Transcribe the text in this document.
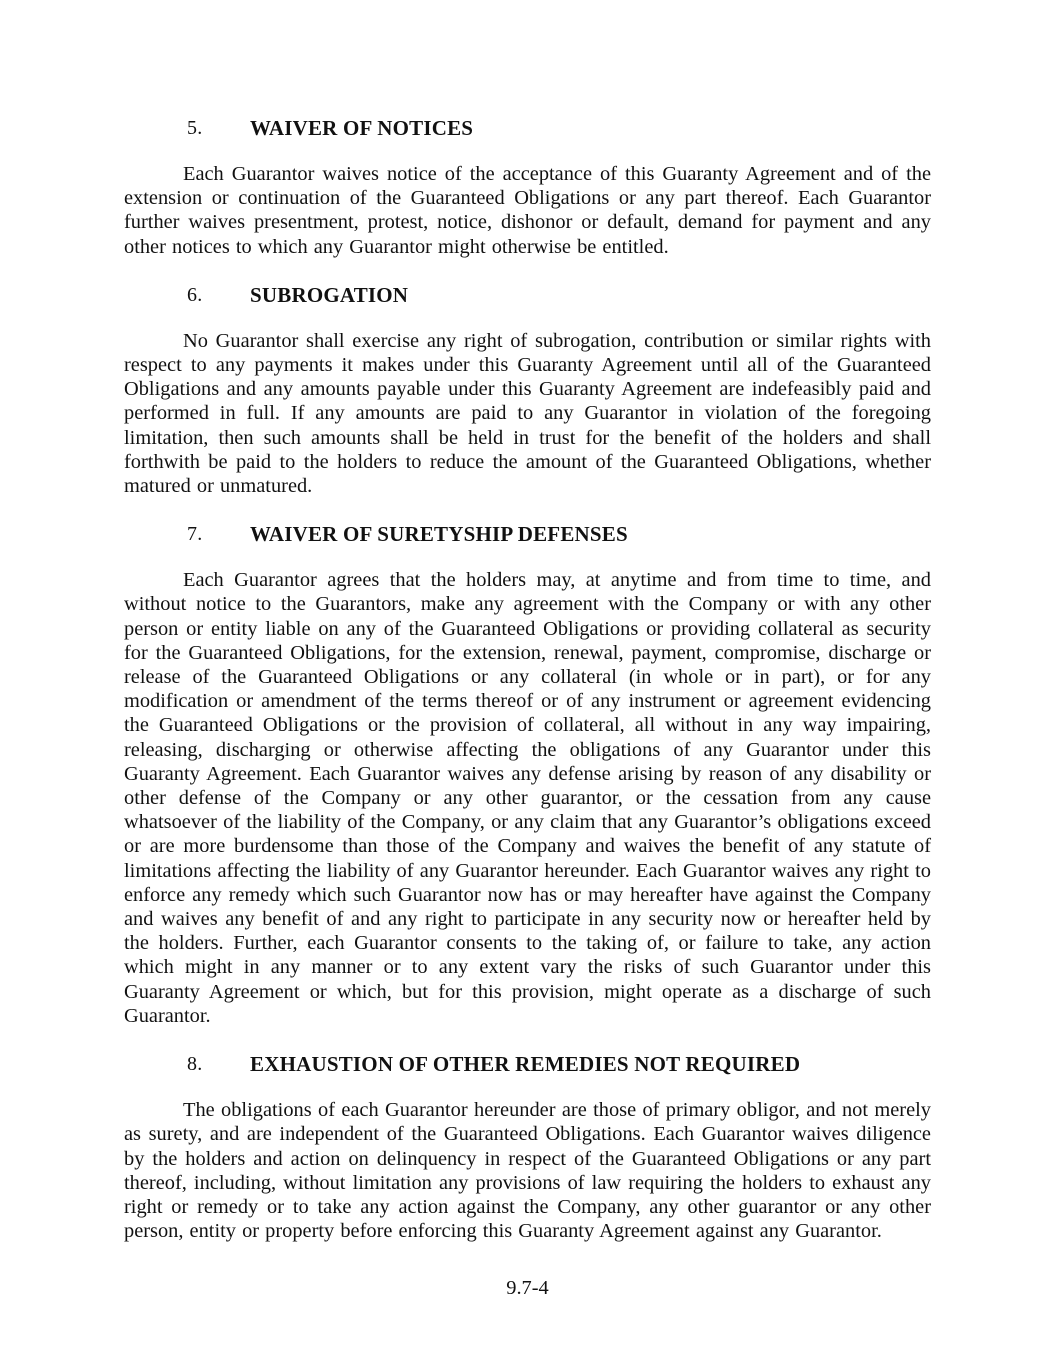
5.	WAIVER OF NOTICES

Each Guarantor waives notice of the acceptance of this Guaranty Agreement and of the extension or continuation of the Guaranteed Obligations or any part thereof. Each Guarantor further waives presentment, protest, notice, dishonor or default, demand for payment and any other notices to which any Guarantor might otherwise be entitled.

6.	SUBROGATION

No Guarantor shall exercise any right of subrogation, contribution or similar rights with respect to any payments it makes under this Guaranty Agreement until all of the Guaranteed Obligations and any amounts payable under this Guaranty Agreement are indefeasibly paid and performed in full. If any amounts are paid to any Guarantor in violation of the foregoing limitation, then such amounts shall be held in trust for the benefit of the holders and shall forthwith be paid to the holders to reduce the amount of the Guaranteed Obligations, whether matured or unmatured.

7.	WAIVER OF SURETYSHIP DEFENSES

Each Guarantor agrees that the holders may, at anytime and from time to time, and without notice to the Guarantors, make any agreement with the Company or with any other person or entity liable on any of the Guaranteed Obligations or providing collateral as security for the Guaranteed Obligations, for the extension, renewal, payment, compromise, discharge or release of the Guaranteed Obligations or any collateral (in whole or in part), or for any modification or amendment of the terms thereof or of any instrument or agreement evidencing the Guaranteed Obligations or the provision of collateral, all without in any way impairing, releasing, discharging or otherwise affecting the obligations of any Guarantor under this Guaranty Agreement. Each Guarantor waives any defense arising by reason of any disability or other defense of the Company or any other guarantor, or the cessation from any cause whatsoever of the liability of the Company, or any claim that any Guarantor’s obligations exceed or are more burdensome than those of the Company and waives the benefit of any statute of limitations affecting the liability of any Guarantor hereunder. Each Guarantor waives any right to enforce any remedy which such Guarantor now has or may hereafter have against the Company and waives any benefit of and any right to participate in any security now or hereafter held by the holders. Further, each Guarantor consents to the taking of, or failure to take, any action which might in any manner or to any extent vary the risks of such Guarantor under this Guaranty Agreement or which, but for this provision, might operate as a discharge of such Guarantor.

8.	EXHAUSTION OF OTHER REMEDIES NOT REQUIRED

The obligations of each Guarantor hereunder are those of primary obligor, and not merely as surety, and are independent of the Guaranteed Obligations. Each Guarantor waives diligence by the holders and action on delinquency in respect of the Guaranteed Obligations or any part thereof, including, without limitation any provisions of law requiring the holders to exhaust any right or remedy or to take any action against the Company, any other guarantor or any other person, entity or property before enforcing this Guaranty Agreement against any Guarantor.

9.7-4
